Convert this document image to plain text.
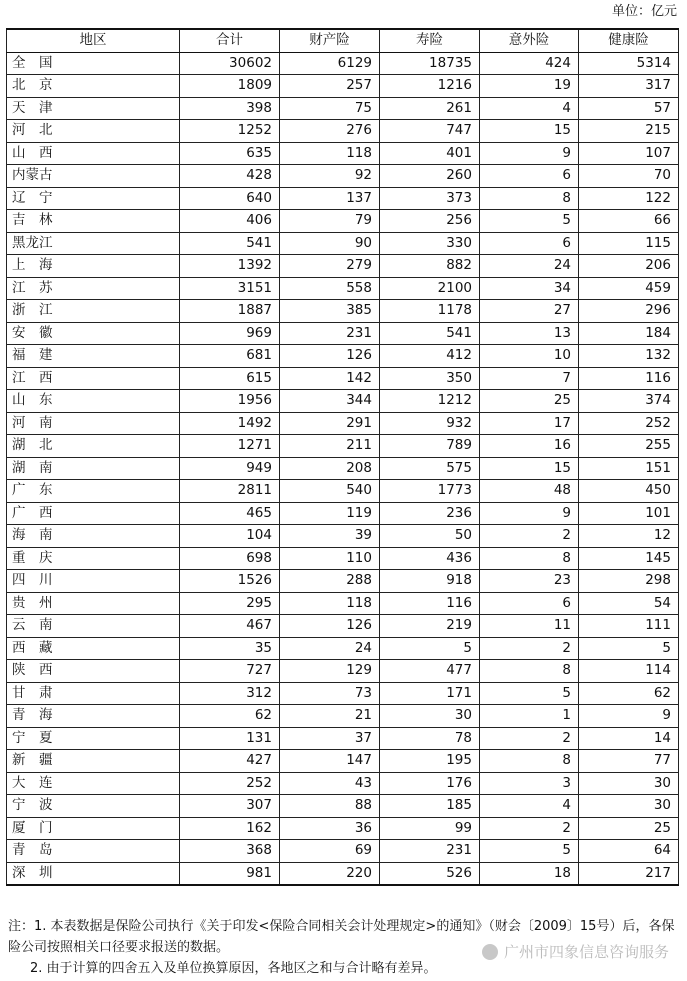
单位：亿元
地区	合计	财产险	寿险	意外险	健康险
全　国	30602	6129	18735	424	5314
北　京	1809	257	1216	19	317
天　津	398	75	261	4	57
河　北	1252	276	747	15	215
山　西	635	118	401	9	107
内蒙古	428	92	260	6	70
辽　宁	640	137	373	8	122
吉　林	406	79	256	5	66
黑龙江	541	90	330	6	115
上　海	1392	279	882	24	206
江　苏	3151	558	2100	34	459
浙　江	1887	385	1178	27	296
安　徽	969	231	541	13	184
福　建	681	126	412	10	132
江　西	615	142	350	7	116
山　东	1956	344	1212	25	374
河　南	1492	291	932	17	252
湖　北	1271	211	789	16	255
湖　南	949	208	575	15	151
广　东	2811	540	1773	48	450
广　西	465	119	236	9	101
海　南	104	39	50	2	12
重　庆	698	110	436	8	145
四　川	1526	288	918	23	298
贵　州	295	118	116	6	54
云　南	467	126	219	11	111
西　藏	35	24	5	2	5
陕　西	727	129	477	8	114
甘　肃	312	73	171	5	62
青　海	62	21	30	1	9
宁　夏	131	37	78	2	14
新　疆	427	147	195	8	77
大　连	252	43	176	3	30
宁　波	307	88	185	4	30
厦　门	162	36	99	2	25
青　岛	368	69	231	5	64
深　圳	981	220	526	18	217

注：1. 本表数据是保险公司执行《关于印发<保险合同相关会计处理规定>的通知》（财会〔2009〕15号）后，各保险公司按照相关口径要求报送的数据。

2. 由于计算的四舍五入及单位换算原因，各地区之和与合计略有差异。

广州市四象信息咨询服务
